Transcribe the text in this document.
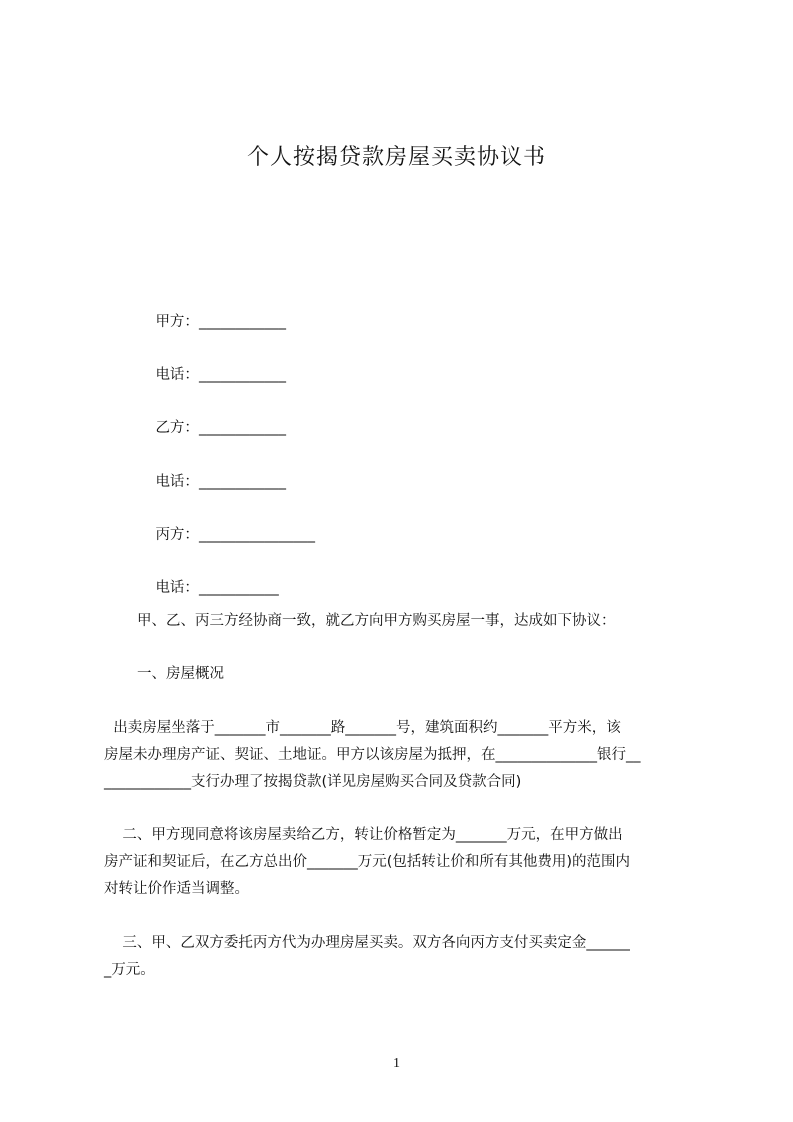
个人按揭贷款房屋买卖协议书

甲方：____________

电话：____________

乙方：____________

电话：____________

丙方：________________

电话：___________

甲、乙、丙三方经协商一致，就乙方向甲方购买房屋一事，达成如下协议：
一、房屋概况
出卖房屋坐落于_______市_______路_______号，建筑面积约_______平方米，该
房屋未办理房产证、契证、土地证。甲方以该房屋为抵押，在______________银行__
____________支行办理了按揭贷款(详见房屋购买合同及贷款合同)
二、甲方现同意将该房屋卖给乙方，转让价格暂定为_______万元，在甲方做出
房产证和契证后，在乙方总出价_______万元(包括转让价和所有其他费用)的范围内
对转让价作适当调整。
三、甲、乙双方委托丙方代为办理房屋买卖。双方各向丙方支付买卖定金______
_万元。
1
